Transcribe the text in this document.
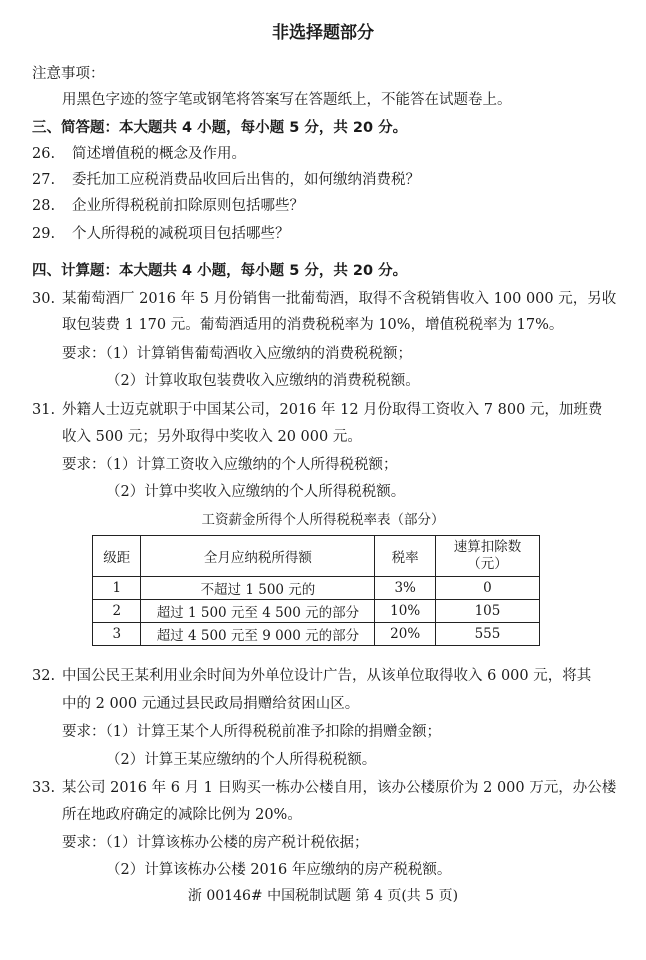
非选择题部分
注意事项：
用黑色字迹的签字笔或钢笔将答案写在答题纸上，不能答在试题卷上。
三、简答题：本大题共 4 小题，每小题 5 分，共 20 分。
26. 简述增值税的概念及作用。
27. 委托加工应税消费品收回后出售的，如何缴纳消费税？
28. 企业所得税税前扣除原则包括哪些？
29. 个人所得税的减税项目包括哪些？
四、计算题：本大题共 4 小题，每小题 5 分，共 20 分。
30. 某葡萄酒厂 2016 年 5 月份销售一批葡萄酒，取得不含税销售收入 100 000 元，另收
取包装费 1 170 元。葡萄酒适用的消费税税率为 10%，增值税税率为 17%。
要求：（1）计算销售葡萄酒收入应缴纳的消费税税额；
（2）计算收取包装费收入应缴纳的消费税税额。
31. 外籍人士迈克就职于中国某公司，2016 年 12 月份取得工资收入 7 800 元，加班费
收入 500 元；另外取得中奖收入 20 000 元。
要求：（1）计算工资收入应缴纳的个人所得税税额；
（2）计算中奖收入应缴纳的个人所得税税额。
工资薪金所得个人所得税税率表（部分）
级距	全月应纳税所得额	税率	速算扣除数
（元）
1	不超过 1 500 元的	3%	0
2	超过 1 500 元至 4 500 元的部分	10%	105
3	超过 4 500 元至 9 000 元的部分	20%	555
32. 中国公民王某利用业余时间为外单位设计广告，从该单位取得收入 6 000 元，将其
中的 2 000 元通过县民政局捐赠给贫困山区。
要求：（1）计算王某个人所得税税前准予扣除的捐赠金额；
（2）计算王某应缴纳的个人所得税税额。
33. 某公司 2016 年 6 月 1 日购买一栋办公楼自用，该办公楼原价为 2 000 万元，办公楼
所在地政府确定的减除比例为 20%。
要求：（1）计算该栋办公楼的房产税计税依据；
（2）计算该栋办公楼 2016 年应缴纳的房产税税额。
浙 00146# 中国税制试题 第 4 页(共 5 页)
